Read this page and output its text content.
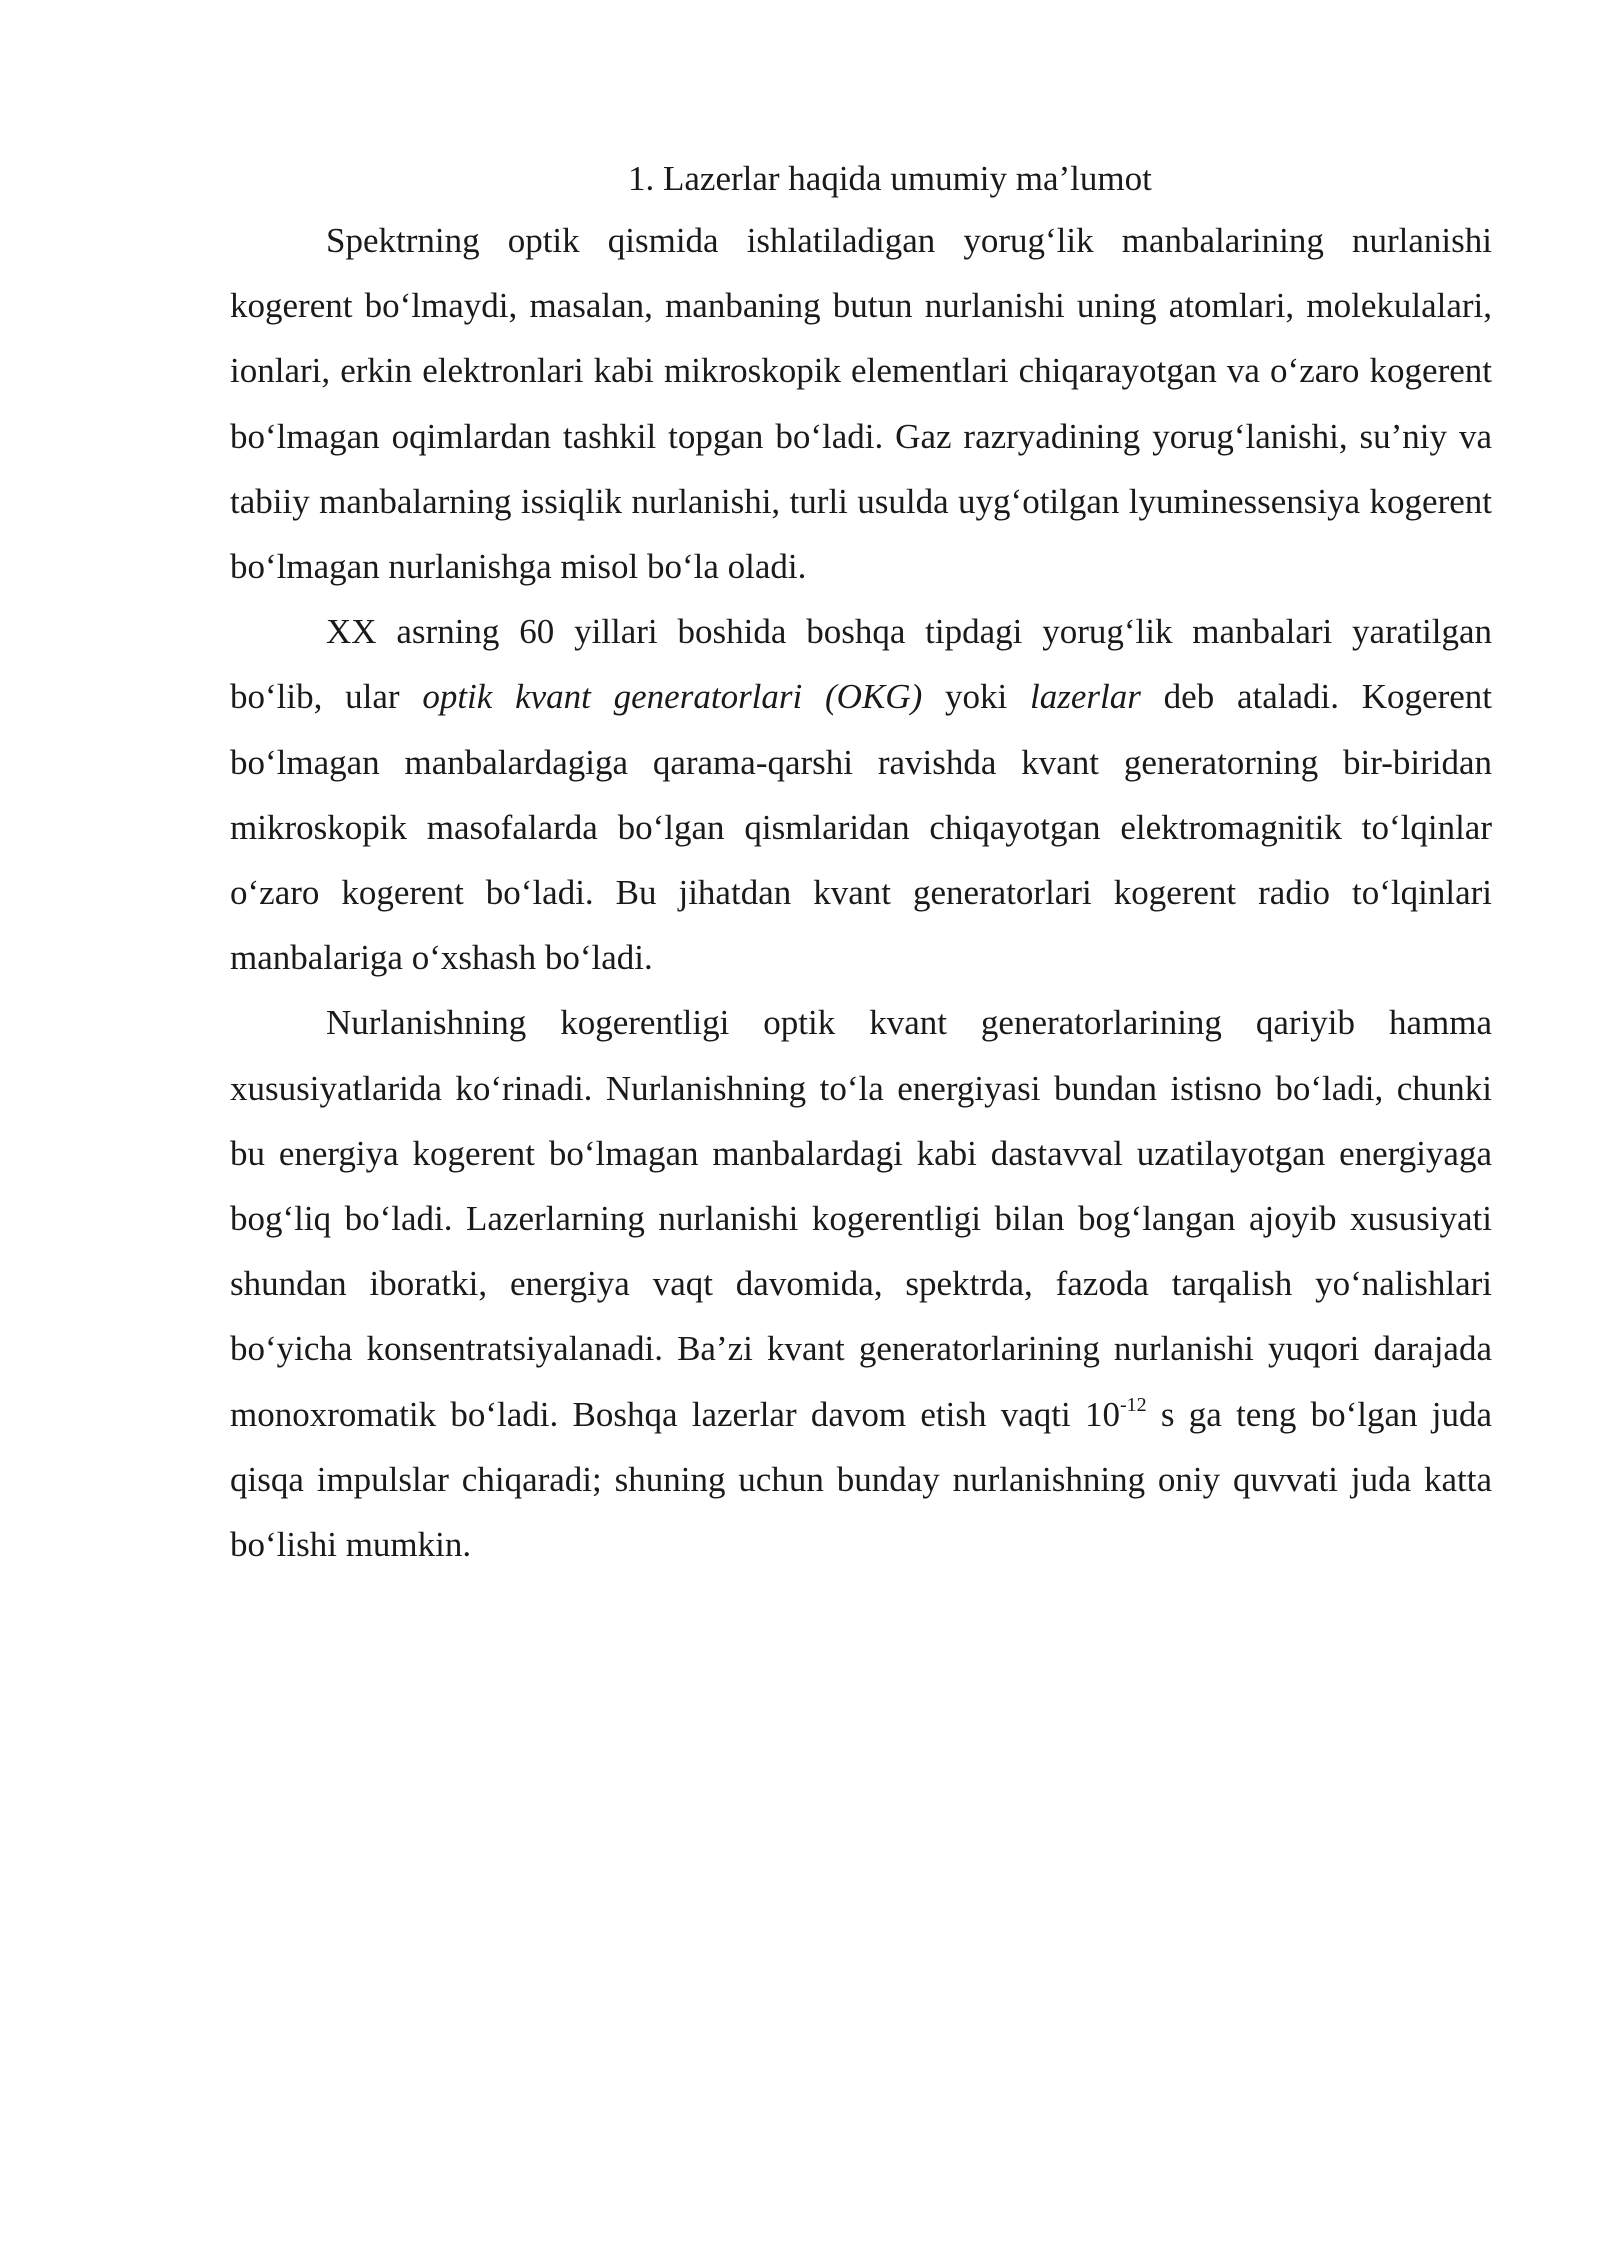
1. Lazerlar haqida umumiy ma’lumot

Spektrning optik qismida ishlatiladigan yorug‘lik manbalarining nurlanishi kogerent bo‘lmaydi, masalan, manbaning butun nurlanishi uning atomlari, molekulalari, ionlari, erkin elektronlari kabi mikroskopik elementlari chiqarayotgan va o‘zaro kogerent bo‘lmagan oqimlardan tashkil topgan bo‘ladi. Gaz razryadining yorug‘lanishi, su’niy va tabiiy manbalarning issiqlik nurlanishi, turli usulda uyg‘otilgan lyuminessensiya kogerent bo‘lmagan nurlanishga misol bo‘la oladi.

XX asrning 60 yillari boshida boshqa tipdagi yorug‘lik manbalari yaratilgan bo‘lib, ular optik kvant generatorlari (OKG) yoki lazerlar deb ataladi. Kogerent bo‘lmagan manbalardagiga qarama-qarshi ravishda kvant generatorning bir-biridan mikroskopik masofalarda bo‘lgan qismlaridan chiqayotgan elektromagnitik to‘lqinlar o‘zaro kogerent bo‘ladi. Bu jihatdan kvant generatorlari kogerent radio to‘lqinlari manbalariga o‘xshash bo‘ladi.

Nurlanishning kogerentligi optik kvant generatorlarining qariyib hamma xususiyatlarida ko‘rinadi. Nurlanishning to‘la energiyasi bundan istisno bo‘ladi, chunki bu energiya kogerent bo‘lmagan manbalardagi kabi dastavval uzatilayotgan energiyaga bog‘liq bo‘ladi. Lazerlarning nurlanishi kogerentligi bilan bog‘langan ajoyib xususiyati shundan iboratki, energiya vaqt davomida, spektrda, fazoda tarqalish yo‘nalishlari bo‘yicha konsentratsiyalanadi. Ba’zi kvant generatorlarining nurlanishi yuqori darajada monoxromatik bo‘ladi. Boshqa lazerlar davom etish vaqti $10^{-12}$ s ga teng bo‘lgan juda qisqa impulslar chiqaradi; shuning uchun bunday nurlanishning oniy quvvati juda katta bo‘lishi mumkin.
